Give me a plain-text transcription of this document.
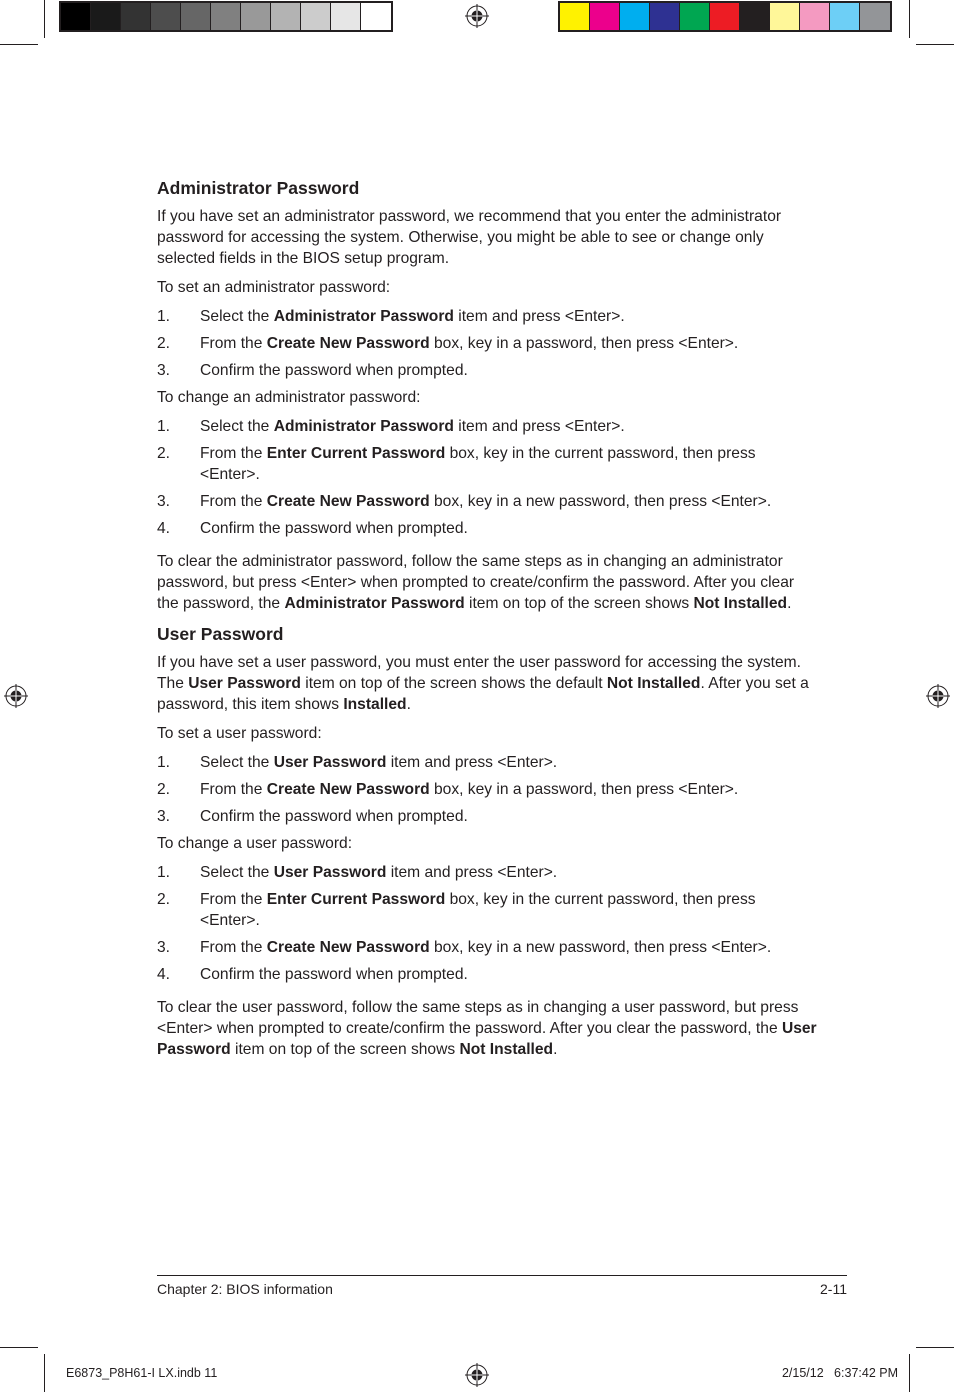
Administrator Password

If you have set an administrator password, we recommend that you enter the administrator password for accessing the system. Otherwise, you might be able to see or change only selected fields in the BIOS setup program.

To set an administrator password:

1. Select the Administrator Password item and press <Enter>.
2. From the Create New Password box, key in a password, then press <Enter>.
3. Confirm the password when prompted.

To change an administrator password:

1. Select the Administrator Password item and press <Enter>.
2. From the Enter Current Password box, key in the current password, then press <Enter>.
3. From the Create New Password box, key in a new password, then press <Enter>.
4. Confirm the password when prompted.

To clear the administrator password, follow the same steps as in changing an administrator password, but press <Enter> when prompted to create/confirm the password. After you clear the password, the Administrator Password item on top of the screen shows Not Installed.

User Password

If you have set a user password, you must enter the user password for accessing the system. The User Password item on top of the screen shows the default Not Installed. After you set a password, this item shows Installed.

To set a user password:

1. Select the User Password item and press <Enter>.
2. From the Create New Password box, key in a password, then press <Enter>.
3. Confirm the password when prompted.

To change a user password:

1. Select the User Password item and press <Enter>.
2. From the Enter Current Password box, key in the current password, then press <Enter>.
3. From the Create New Password box, key in a new password, then press <Enter>.
4. Confirm the password when prompted.

To clear the user password, follow the same steps as in changing a user password, but press <Enter> when prompted to create/confirm the password. After you clear the password, the User Password item on top of the screen shows Not Installed.

Chapter 2: BIOS information	2-11
E6873_P8H61-I LX.indb 11	2/15/12   6:37:42 PM
